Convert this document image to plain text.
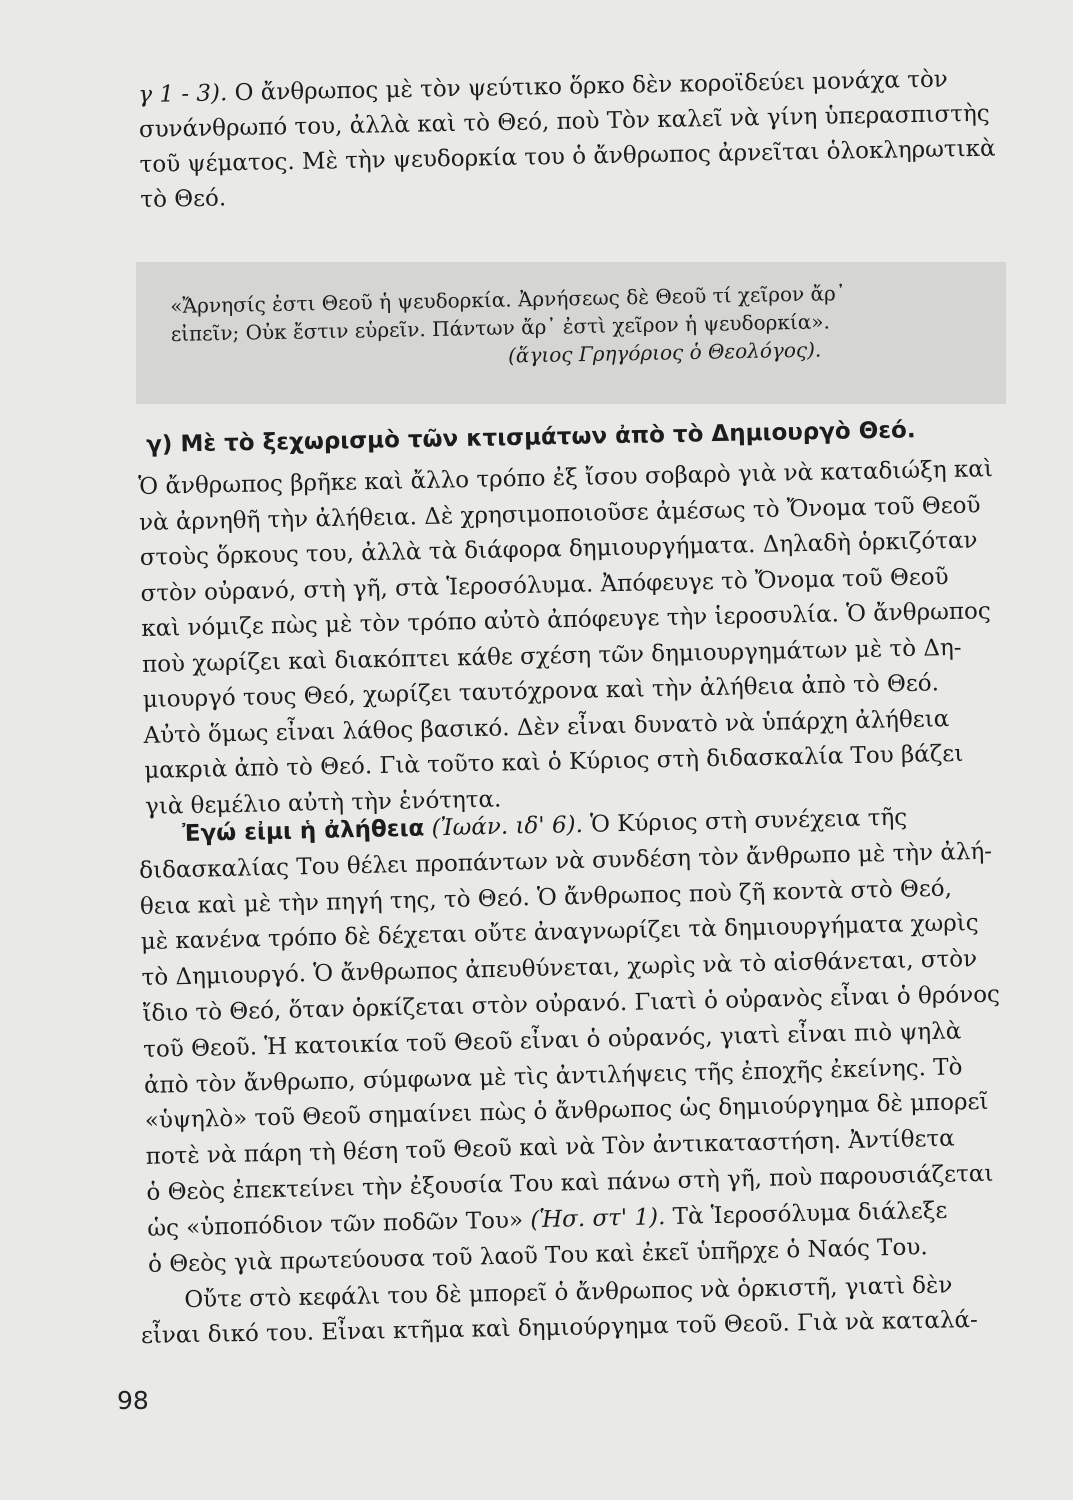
γ 1 - 3). Ο ἄνθρωπος μὲ τὸν ψεύτικο ὅρκο δὲν κοροϊδεύει μονάχα τὸν
συνάνθρωπό του, ἀλλὰ καὶ τὸ Θεό, ποὺ Τὸν καλεῖ νὰ γίνη ὑπερασπιστὴς
τοῦ ψέματος. Μὲ τὴν ψευδορκία του ὁ ἄνθρωπος ἀρνεῖται ὁλοκληρωτικὰ
τὸ Θεό.
«Ἄρνησίς ἐστι Θεοῦ ἡ ψευδορκία. Ἀρνήσεως δὲ Θεοῦ τί χεῖρον ἄρ᾽
εἰπεῖν; Οὐκ ἔστιν εὑρεῖν. Πάντων ἄρ᾽ ἐστὶ χεῖρον ἡ ψευδορκία».
(ἅγιος Γρηγόριος ὁ Θεολόγος).
γ) Μὲ τὸ ξεχωρισμὸ τῶν κτισμάτων ἀπὸ τὸ Δημιουργὸ Θεό.
Ὁ ἄνθρωπος βρῆκε καὶ ἄλλο τρόπο ἐξ ἴσου σοβαρὸ γιὰ νὰ καταδιώξη καὶ
νὰ ἀρνηθῆ τὴν ἀλήθεια. Δὲ χρησιμοποιοῦσε ἀμέσως τὸ Ὄνομα τοῦ Θεοῦ
στοὺς ὅρκους του, ἀλλὰ τὰ διάφορα δημιουργήματα. Δηλαδὴ ὁρκιζόταν
στὸν οὐρανό, στὴ γῆ, στὰ Ἱεροσόλυμα. Ἀπόφευγε τὸ Ὄνομα τοῦ Θεοῦ
καὶ νόμιζε πὼς μὲ τὸν τρόπο αὐτὸ ἀπόφευγε τὴν ἱεροσυλία. Ὁ ἄνθρωπος
ποὺ χωρίζει καὶ διακόπτει κάθε σχέση τῶν δημιουργημάτων μὲ τὸ Δη-
μιουργό τους Θεό, χωρίζει ταυτόχρονα καὶ τὴν ἀλήθεια ἀπὸ τὸ Θεό.
Αὐτὸ ὅμως εἶναι λάθος βασικό. Δὲν εἶναι δυνατὸ νὰ ὑπάρχη ἀλήθεια
μακριὰ ἀπὸ τὸ Θεό. Γιὰ τοῦτο καὶ ὁ Κύριος στὴ διδασκαλία Του βάζει
γιὰ θεμέλιο αὐτὴ τὴν ἑνότητα.
Ἐγώ εἰμι ἡ ἀλήθεια (Ἰωάν. ιδ' 6). Ὁ Κύριος στὴ συνέχεια τῆς
διδασκαλίας Του θέλει προπάντων νὰ συνδέση τὸν ἄνθρωπο μὲ τὴν ἀλή-
θεια καὶ μὲ τὴν πηγή της, τὸ Θεό. Ὁ ἄνθρωπος ποὺ ζῆ κοντὰ στὸ Θεό,
μὲ κανένα τρόπο δὲ δέχεται οὔτε ἀναγνωρίζει τὰ δημιουργήματα χωρὶς
τὸ Δημιουργό. Ὁ ἄνθρωπος ἀπευθύνεται, χωρὶς νὰ τὸ αἰσθάνεται, στὸν
ἴδιο τὸ Θεό, ὅταν ὁρκίζεται στὸν οὐρανό. Γιατὶ ὁ οὐρανὸς εἶναι ὁ θρόνος
τοῦ Θεοῦ. Ἡ κατοικία τοῦ Θεοῦ εἶναι ὁ οὐρανός, γιατὶ εἶναι πιὸ ψηλὰ
ἀπὸ τὸν ἄνθρωπο, σύμφωνα μὲ τὶς ἀντιλήψεις τῆς ἐποχῆς ἐκείνης. Τὸ
«ὑψηλὸ» τοῦ Θεοῦ σημαίνει πὼς ὁ ἄνθρωπος ὡς δημιούργημα δὲ μπορεῖ
ποτὲ νὰ πάρη τὴ θέση τοῦ Θεοῦ καὶ νὰ Τὸν ἀντικαταστήση. Ἀντίθετα
ὁ Θεὸς ἐπεκτείνει τὴν ἐξουσία Του καὶ πάνω στὴ γῆ, ποὺ παρουσιάζεται
ὡς «ὑποπόδιον τῶν ποδῶν Του» (Ἡσ. στ' 1). Τὰ Ἱεροσόλυμα διάλεξε
ὁ Θεὸς γιὰ πρωτεύουσα τοῦ λαοῦ Του καὶ ἐκεῖ ὑπῆρχε ὁ Ναός Του.
Οὔτε στὸ κεφάλι του δὲ μπορεῖ ὁ ἄνθρωπος νὰ ὁρκιστῆ, γιατὶ δὲν
εἶναι δικό του. Εἶναι κτῆμα καὶ δημιούργημα τοῦ Θεοῦ. Γιὰ νὰ καταλά-
98
